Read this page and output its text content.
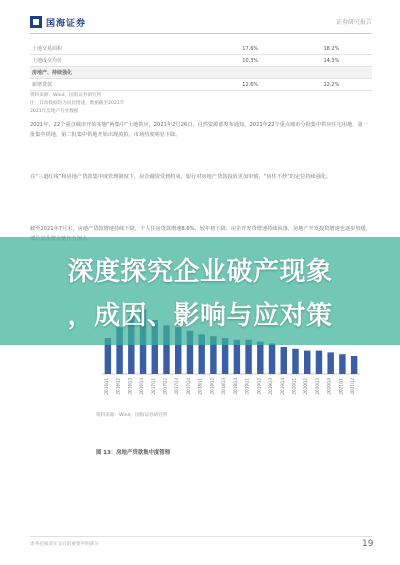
国海证券	证券研究报告
土地交易面积	17.6%	18.2%
土地成交均价	10.3%	14.3%
房地产、持续强化		
新增贷款	12.6%	12.2%
资料来源：Wind，国海证券研究所
注：其余数据均为同比增速，数据截至2021年
2021年房地产行业数据
2021年，22个重点城市开始实施“两集中”土地供应，2021年2月26日，自然资源部发布通知。2021年22个重点城市分批集中供应住宅用地，第一批集中供地，第二批集中供地开始出现流拍，市场热度明显下降。
在“三道红线”和房地产贷款集中度管理制度下，房企融资受到约束，银行对房地产贷款投放更加审慎，“房住不炒”的定位持续强化。
截至2021年7月末，房地产贷款增速持续下降，个人住房贷款增速8.6%，较年初下降；房企开发贷增速持续回落，房地产开发投资增速也逐步放缓，
2016Q1 2016Q2 2016Q3 2016Q4 2017Q1 2017Q2 2017Q3 2017Q4 2018Q1 2018Q2 2018Q3 2018Q4 2019Q1 2019Q2 2019Q3 2019Q4 2020Q1 2020Q2 2020Q3 2020Q4 2021Q1 2021Q2
资料来源：Wind，国海证券研究所
图 13：房地产贷款集中度管理
请务必阅读正文后的重要声明部分	19
深度探究企业破产现象
，成因、影响与应对策
